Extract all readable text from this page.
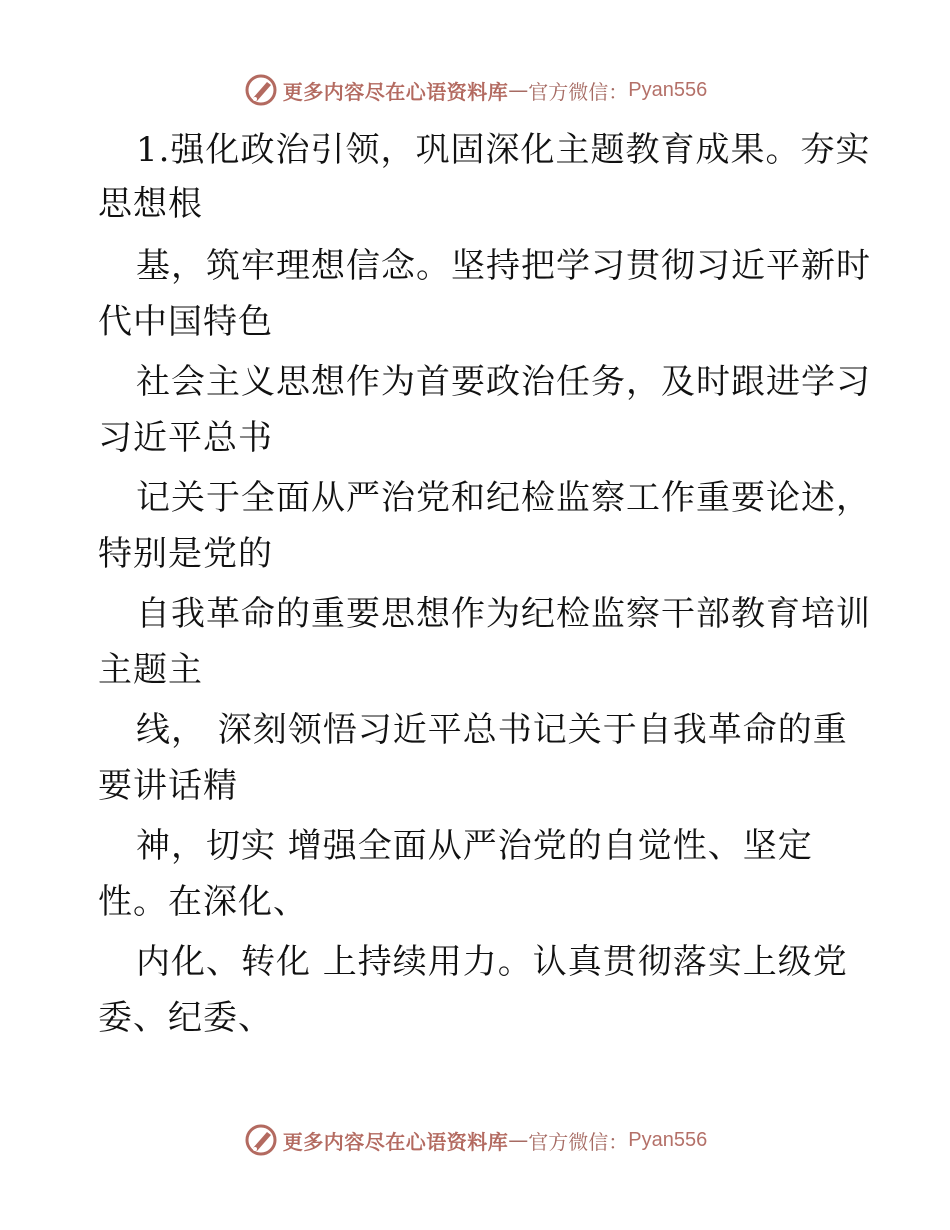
更多内容尽在心语资料库 — 官方微信： Pyan556
1.强化政治引领，巩固深化主题教育成果。夯实
思想根
基，筑牢理想信念。坚持把学习贯彻习近平新时
代中国特色
社会主义思想作为首要政治任务，及时跟进学习
习近平总书
记关于全面从严治党和纪检监察工作重要论述，
特别是党的
自我革命的重要思想作为纪检监察干部教育培训
主题主
线， 深刻领悟习近平总书记关于自我革命的重
要讲话精
神，切实 增强全面从严治党的自觉性、坚定
性。在深化、
内化、转化 上持续用力。认真贯彻落实上级党
委、纪委、
更多内容尽在心语资料库 — 官方微信： Pyan556
